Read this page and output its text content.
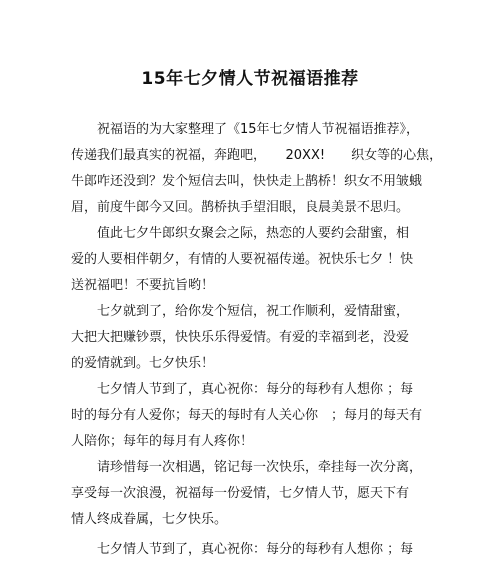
15年七夕情人节祝福语推荐
　　祝福语的为大家整理了《15年七夕情人节祝福语推荐》，
传递我们最真实的祝福，奔跑吧，　　20XX!　　织女等的心焦，
牛郎咋还没到？发个短信去叫，快快走上鹊桥！织女不用皱蛾
眉，前度牛郎今又回。鹊桥执手望泪眼，良晨美景不思归。
　　值此七夕牛郎织女聚会之际，热恋的人要约会甜蜜，相
爱的人要相伴朝夕，有情的人要祝福传递。祝快乐七夕 ！快
送祝福吧！不要抗旨哟！
　　七夕就到了，给你发个短信，祝工作顺利，爱情甜蜜，
大把大把赚钞票，快快乐乐得爱情。有爱的幸福到老，没爱
的爱情就到。七夕快乐！
　　七夕情人节到了，真心祝你：每分的每秒有人想你 ；每
时的每分有人爱你；每天的每时有人关心你　；每月的每天有
人陪你；每年的每月有人疼你！
　　请珍惜每一次相遇，铭记每一次快乐，牵挂每一次分离，
享受每一次浪漫，祝福每一份爱情，七夕情人节，愿天下有
情人终成眷属，七夕快乐。
　　七夕情人节到了，真心祝你：每分的每秒有人想你 ；每
